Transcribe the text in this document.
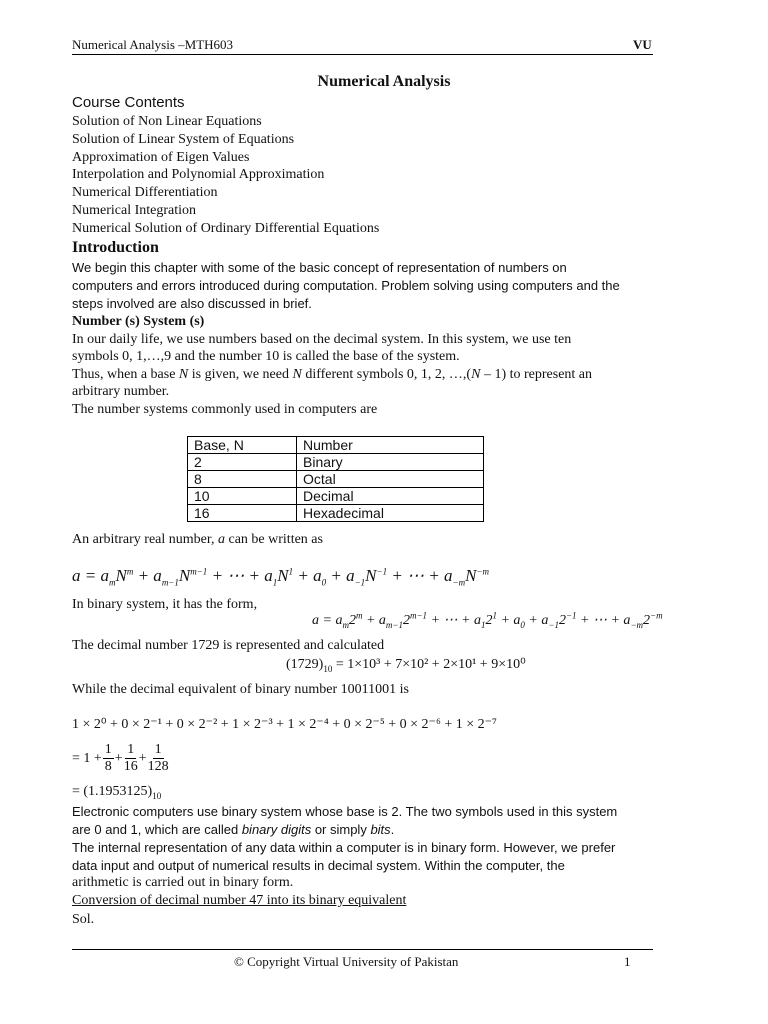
Numerical Analysis –MTH603	VU
Numerical Analysis
Course Contents
Solution of Non Linear Equations
Solution of Linear System of Equations
Approximation of Eigen Values
Interpolation and Polynomial Approximation
Numerical Differentiation
Numerical Integration
Numerical Solution of Ordinary Differential Equations
Introduction
We begin this chapter with some of the basic concept of representation of numbers on
computers and errors introduced during computation. Problem solving using computers and the
steps involved are also discussed in brief.
Number (s) System (s)
In our daily life, we use numbers based on the decimal system. In this system, we use ten
symbols 0, 1,…,9 and the number 10 is called the base of the system.
Thus, when a base N is given, we need N different symbols 0, 1, 2, …,(N – 1) to represent an
arbitrary number.
The number systems commonly used in computers are
Base, N	Number
2	Binary
8	Octal
10	Decimal
16	Hexadecimal
An arbitrary real number, a can be written as
$a = a_mN^m + a_{m-1}N^{m-1}$ + ⋯ + $a_1N^1 + a_0 + a_{-1}N^{-1}$ + ⋯ + $a_{-m}N^{-m}$
In binary system, it has the form,
$a = a_m2^m + a_{m-1}2^{m-1}$ + ⋯ + $a_12^1 + a_0 + a_{-1}2^{-1}$ + ⋯ + $a_{-m}2^{-m}$
The decimal number 1729 is represented and calculated
$(1729)_{10} = 1\times 10^3 + 7\times 10^2 + 2\times 10^1 + 9\times 10^0$
While the decimal equivalent of binary number 10011001 is
1 × 2⁰ + 0 × 2⁻¹ + 0 × 2⁻² + 1 × 2⁻³ + 1 × 2⁻⁴ + 0 × 2⁻⁵ + 0 × 2⁻⁶ + 1 × 2⁻⁷
= $1 + \frac{1}{8} + \frac{1}{16} + \frac{1}{128}$
= $(1.1953125)_{10}$
Electronic computers use binary system whose base is 2. The two symbols used in this system
are 0 and 1, which are called binary digits or simply bits.
The internal representation of any data within a computer is in binary form. However, we prefer
data input and output of numerical results in decimal system. Within the computer, the
arithmetic is carried out in binary form.
Conversion of decimal number 47 into its binary equivalent
Sol.
© Copyright Virtual University of Pakistan	1
